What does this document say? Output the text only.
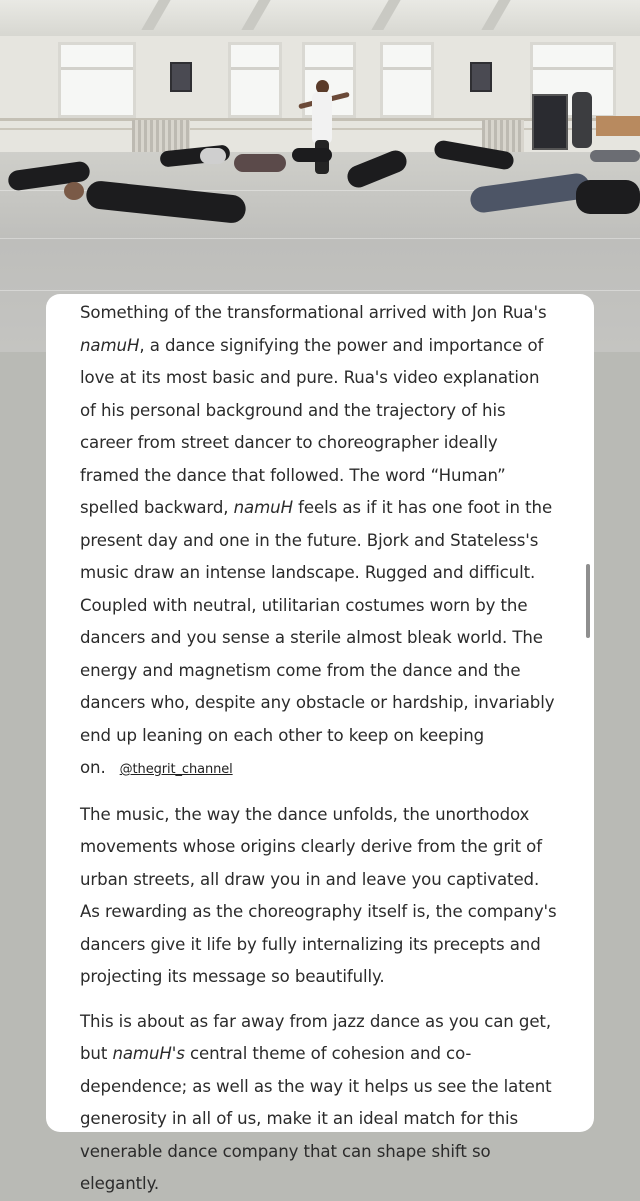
Something of the transformational arrived with Jon Rua's namuH, a dance signifying the power and importance of love at its most basic and pure. Rua's video explanation of his personal background and the trajectory of his career from street dancer to choreographer ideally framed the dance that followed. The word “Human” spelled backward, namuH feels as if it has one foot in the present day and one in the future. Bjork and Stateless's music draw an intense landscape. Rugged and difficult. Coupled with neutral, utilitarian costumes worn by the dancers and you sense a sterile almost bleak world. The energy and magnetism come from the dance and the dancers who, despite any obstacle or hardship, invariably end up leaning on each other to keep on keeping on. @thegrit_channel

The music, the way the dance unfolds, the unorthodox movements whose origins clearly derive from the grit of urban streets, all draw you in and leave you captivated. As rewarding as the choreography itself is, the company's dancers give it life by fully internalizing its precepts and projecting its message so beautifully.

This is about as far away from jazz dance as you can get, but namuH's central theme of cohesion and co-dependence; as well as the way it helps us see the latent generosity in all of us, make it an ideal match for this venerable dance company that can shape shift so elegantly.
